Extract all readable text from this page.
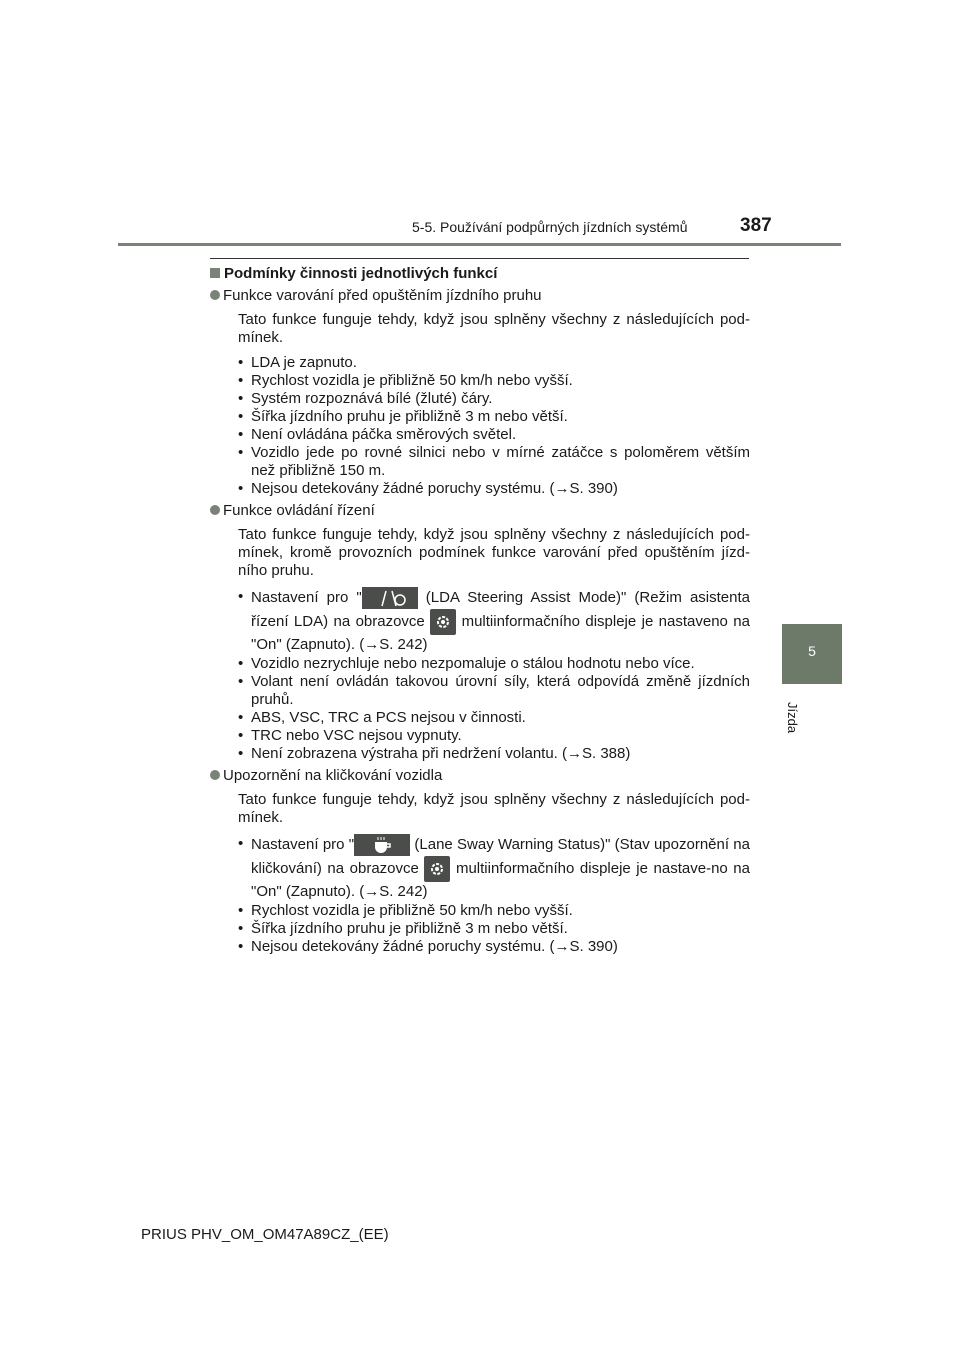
5-5. Používání podpůrných jízdních systémů	387
5
Jízda

Podmínky činnosti jednotlivých funkcí

Funkce varování před opuštěním jízdního pruhu

Tato funkce funguje tehdy, když jsou splněny všechny z následujících pod-mínek.

• LDA je zapnuto.
• Rychlost vozidla je přibližně 50 km/h nebo vyšší.
• Systém rozpoznává bílé (žluté) čáry.
• Šířka jízdního pruhu je přibližně 3 m nebo větší.
• Není ovládána páčka směrových světel.
• Vozidlo jede po rovné silnici nebo v mírné zatáčce s poloměrem větším než přibližně 150 m.
• Nejsou detekovány žádné poruchy systému. (→S. 390)

Funkce ovládání řízení

Tato funkce funguje tehdy, když jsou splněny všechny z následujících pod-mínek, kromě provozních podmínek funkce varování před opuštěním jízd-ního pruhu.

• Nastavení pro "	(LDA Steering Assist Mode)" (Režim asistenta řízení LDA) na obrazovce
multiinformačního displeje je nastaveno na "On" (Zapnuto). (→S. 242)
• Vozidlo nezrychluje nebo nezpomaluje o stálou hodnotu nebo více.
• Volant není ovládán takovou úrovní síly, která odpovídá změně jízdních pruhů.
• ABS, VSC, TRC a PCS nejsou v činnosti.
• TRC nebo VSC nejsou vypnuty.
• Není zobrazena výstraha při nedržení volantu. (→S. 388)

Upozornění na kličkování vozidla

Tato funkce funguje tehdy, když jsou splněny všechny z následujících pod-mínek.

• Nastavení pro "	(Lane Sway Warning Status)" (Stav upozornění na kličkování) na obrazovce
multiinformačního displeje je nastave-no na "On" (Zapnuto). (→S. 242)
• Rychlost vozidla je přibližně 50 km/h nebo vyšší.
• Šířka jízdního pruhu je přibližně 3 m nebo větší.
• Nejsou detekovány žádné poruchy systému. (→S. 390)
PRIUS PHV_OM_OM47A89CZ_(EE)
